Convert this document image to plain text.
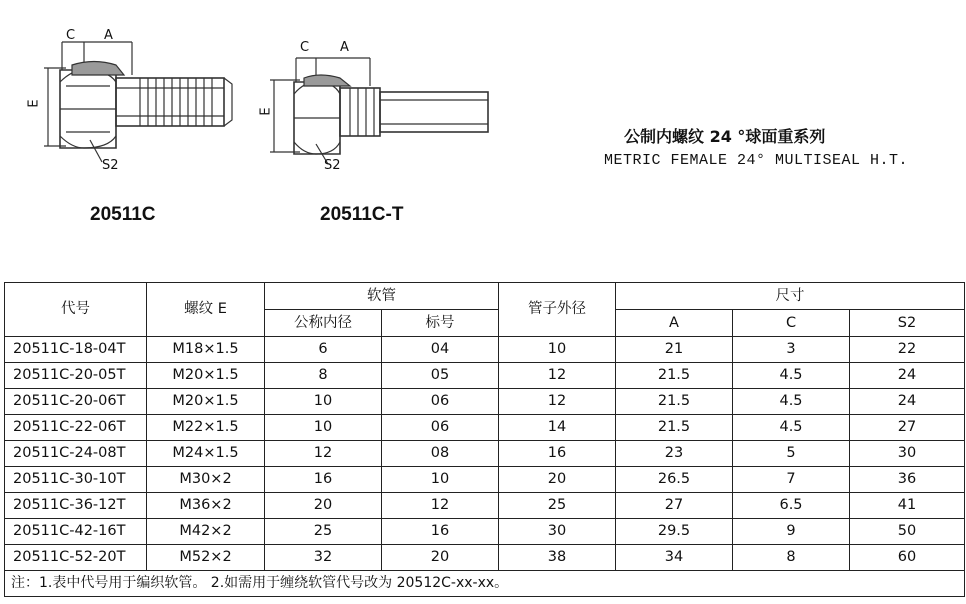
C A
E
S2
20511C
C A
E
S2
20511C-T
公制内螺纹 24 °球面重系列
METRIC FEMALE 24° MULTISEAL H.T.
代号	螺纹 E	软管		管子外径	尺寸		
		公称内径	标号		A	C	S2
20511C-18-04T	M18×1.5	6	04	10	21	3	22
20511C-20-05T	M20×1.5	8	05	12	21.5	4.5	24
20511C-20-06T	M20×1.5	10	06	12	21.5	4.5	24
20511C-22-06T	M22×1.5	10	06	14	21.5	4.5	27
20511C-24-08T	M24×1.5	12	08	16	23	5	30
20511C-30-10T	M30×2	16	10	20	26.5	7	36
20511C-36-12T	M36×2	20	12	25	27	6.5	41
20511C-42-16T	M42×2	25	16	30	29.5	9	50
20511C-52-20T	M52×2	32	20	38	34	8	60
注：1.表中代号用于编织软管。 2.如需用于缠绕软管代号改为 20512C-xx-xx。							
